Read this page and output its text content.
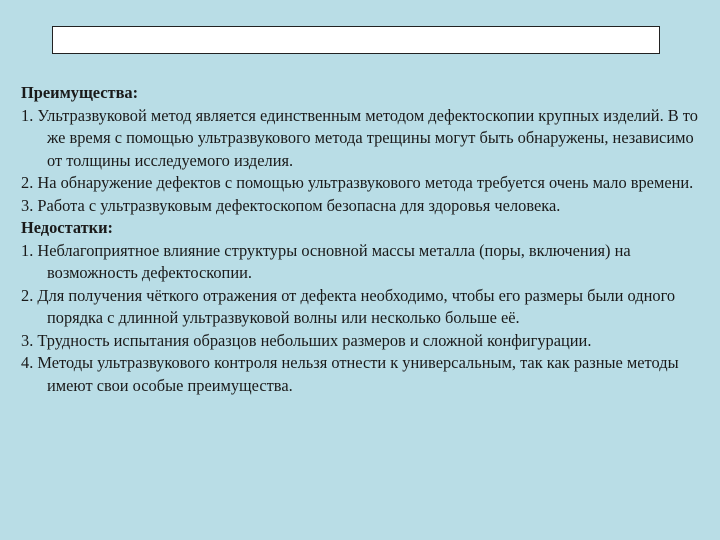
Преимущества:

1. Ультразвуковой метод является единственным методом дефектоскопии крупных изделий. В то же время с помощью ультразвукового метода трещины могут быть обнаружены, независимо от толщины исследуемого изделия.

2. На обнаружение дефектов с помощью ультразвукового метода требуется очень мало времени.

3. Работа с ультразвуковым дефектоскопом безопасна для здоровья человека.

Недостатки:

1. Неблагоприятное влияние структуры основной массы металла (поры, включения) на возможность дефектоскопии.

2. Для получения чёткого отражения от дефекта необходимо, чтобы его размеры были одного порядка с длинной ультразвуковой волны или несколько больше её.

3. Трудность испытания образцов небольших размеров и сложной конфигурации.

4. Методы ультразвукового контроля нельзя отнести к универсальным, так как разные методы имеют свои особые преимущества.
